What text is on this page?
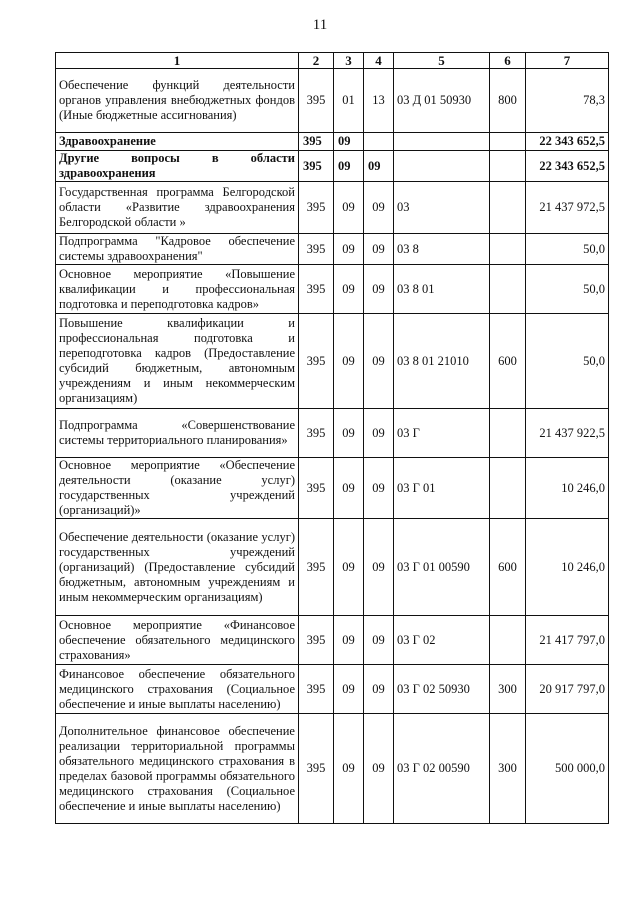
11
1	2	3	4	5	6	7
Обеспечение функций деятельности органов управления внебюджетных фондов (Иные бюджетные ассигнования)	395	01	13	03 Д 01 50930	800	78,3
Здравоохранение	395	09				22 343 652,5
Другие вопросы в области здравоохранения	395	09	09			22 343 652,5
Государственная программа Белгородской области «Развитие здравоохранения Белгородской области »	395	09	09	03		21 437 972,5
Подпрограмма "Кадровое обеспечение системы здравоохранения"	395	09	09	03 8		50,0
Основное мероприятие «Повышение квалификации и профессиональная подготовка и переподготовка кадров»	395	09	09	03 8 01		50,0
Повышение квалификации и профессиональная подготовка и переподготовка кадров (Предоставление субсидий бюджетным, автономным учреждениям и иным некоммерческим организациям)	395	09	09	03 8 01 21010	600	50,0
Подпрограмма «Совершенствование системы территориального планирования»	395	09	09	03 Г		21 437 922,5
Основное мероприятие «Обеспечение деятельности (оказание услуг) государственных учреждений (организаций)»	395	09	09	03 Г 01		10 246,0
Обеспечение деятельности (оказание услуг) государственных учреждений (организаций) (Предоставление субсидий бюджетным, автономным учреждениям и иным некоммерческим организациям)	395	09	09	03 Г 01 00590	600	10 246,0
Основное мероприятие «Финансовое обеспечение обязательного медицинского страхования»	395	09	09	03 Г 02		21 417 797,0
Финансовое обеспечение обязательного медицинского страхования (Социальное обеспечение и иные выплаты населению)	395	09	09	03 Г 02 50930	300	20 917 797,0
Дополнительное финансовое обеспечение реализации территориальной программы обязательного медицинского страхования в пределах базовой программы обязательного медицинского страхования (Социальное обеспечение и иные выплаты населению)	395	09	09	03 Г 02 00590	300	500 000,0
